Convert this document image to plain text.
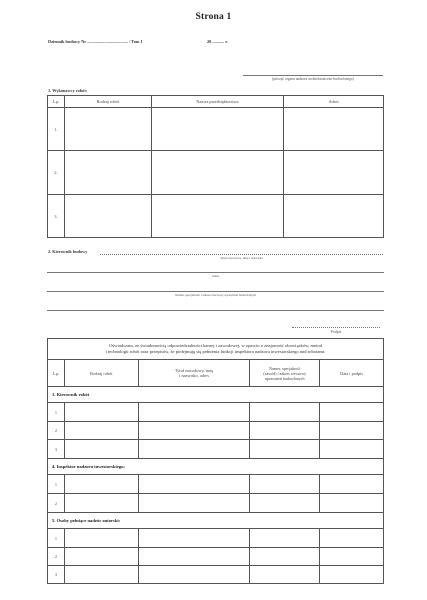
Strona 1
Dziennik budowy Nr ...................................... / Tom 1	20 ........... r.
(pieczęć organu nadzoru architektoniczno-budowlanego)
1. Wykonawcy robót:
L.p.	Rodzaj robót	Nazwa przedsiębiorstwa	Adres
1.			
2.			
3.			
2. Kierownik budowy
Tytuł zawodowy, imię i nazwisko
Adres
Numer, specjalność i zakres rzeczowy uprawnień budowlanych
Podpis
Oświadczam, ze świadomością odpowiedzialności karnej i zawodowej, w oparciu o znajomość obowiązków, metod
i technologii robót oraz przepisów, że podejmuję się pełnienia funkcji inspektora nadzoru inwestorskiego nad robotami:				

L.p.	Rodzaj robót	Tytuł zawodowy, imię
i nazwisko, adres	Numer, specjalność
(zawód) i zakres rzeczowy
uprawnień budowlanych	Data i podpis
3. Kierownik robót				
1				
2				
3				
4. Inspektor nadzoru inwestorskiego:				
1				
2				
5. Osoby pełniące nadzór autorski:				
1				
2				
3				
